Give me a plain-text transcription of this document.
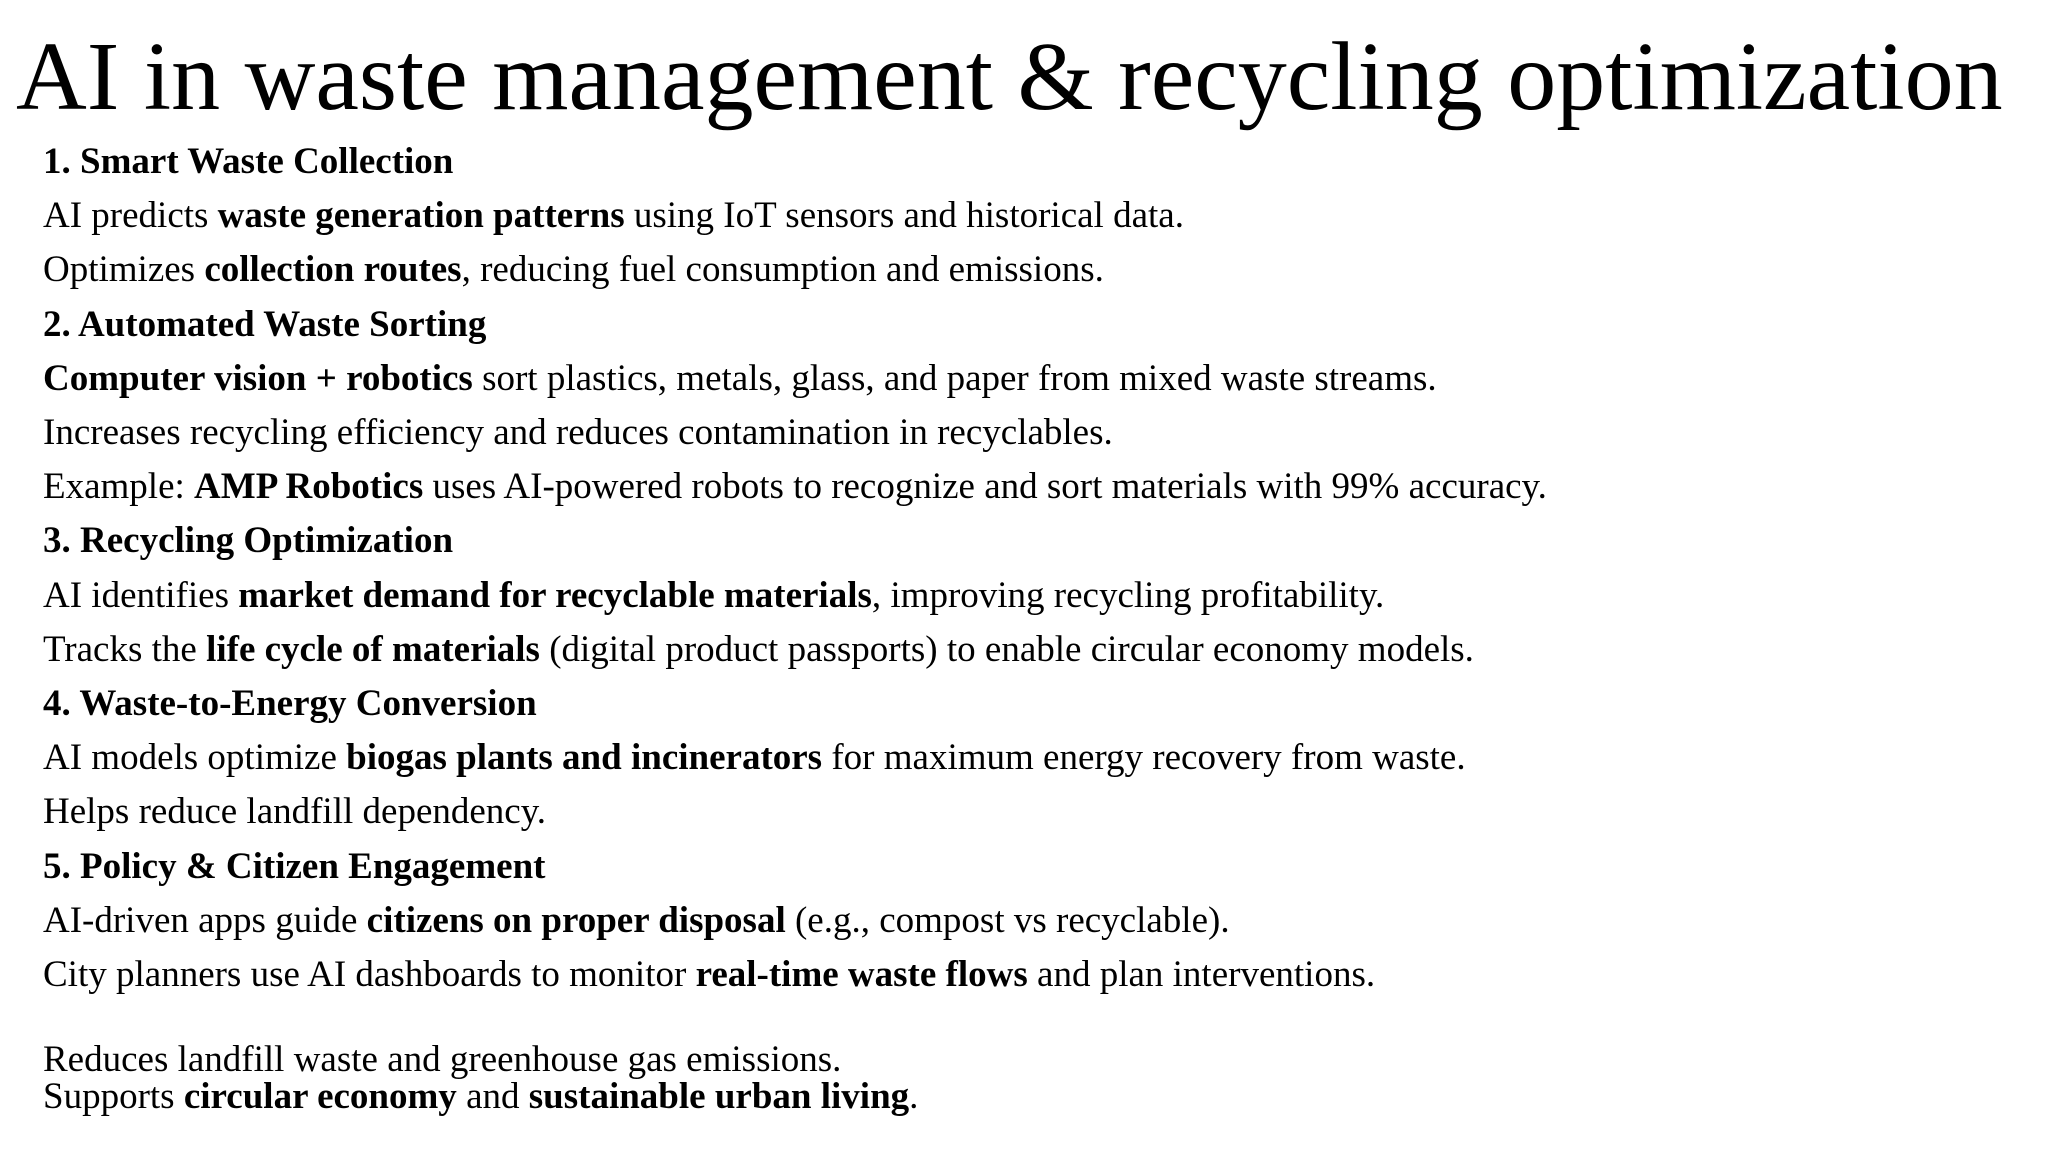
AI in waste management & recycling optimization
1. Smart Waste Collection
AI predicts waste generation patterns using IoT sensors and historical data.
Optimizes collection routes, reducing fuel consumption and emissions.
2. Automated Waste Sorting
Computer vision + robotics sort plastics, metals, glass, and paper from mixed waste streams.
Increases recycling efficiency and reduces contamination in recyclables.
Example: AMP Robotics uses AI-powered robots to recognize and sort materials with 99% accuracy.
3. Recycling Optimization
AI identifies market demand for recyclable materials, improving recycling profitability.
Tracks the life cycle of materials (digital product passports) to enable circular economy models.
4. Waste-to-Energy Conversion
AI models optimize biogas plants and incinerators for maximum energy recovery from waste.
Helps reduce landfill dependency.
5. Policy & Citizen Engagement
AI-driven apps guide citizens on proper disposal (e.g., compost vs recyclable).
City planners use AI dashboards to monitor real-time waste flows and plan interventions.
Reduces landfill waste and greenhouse gas emissions.
Supports circular economy and sustainable urban living.
